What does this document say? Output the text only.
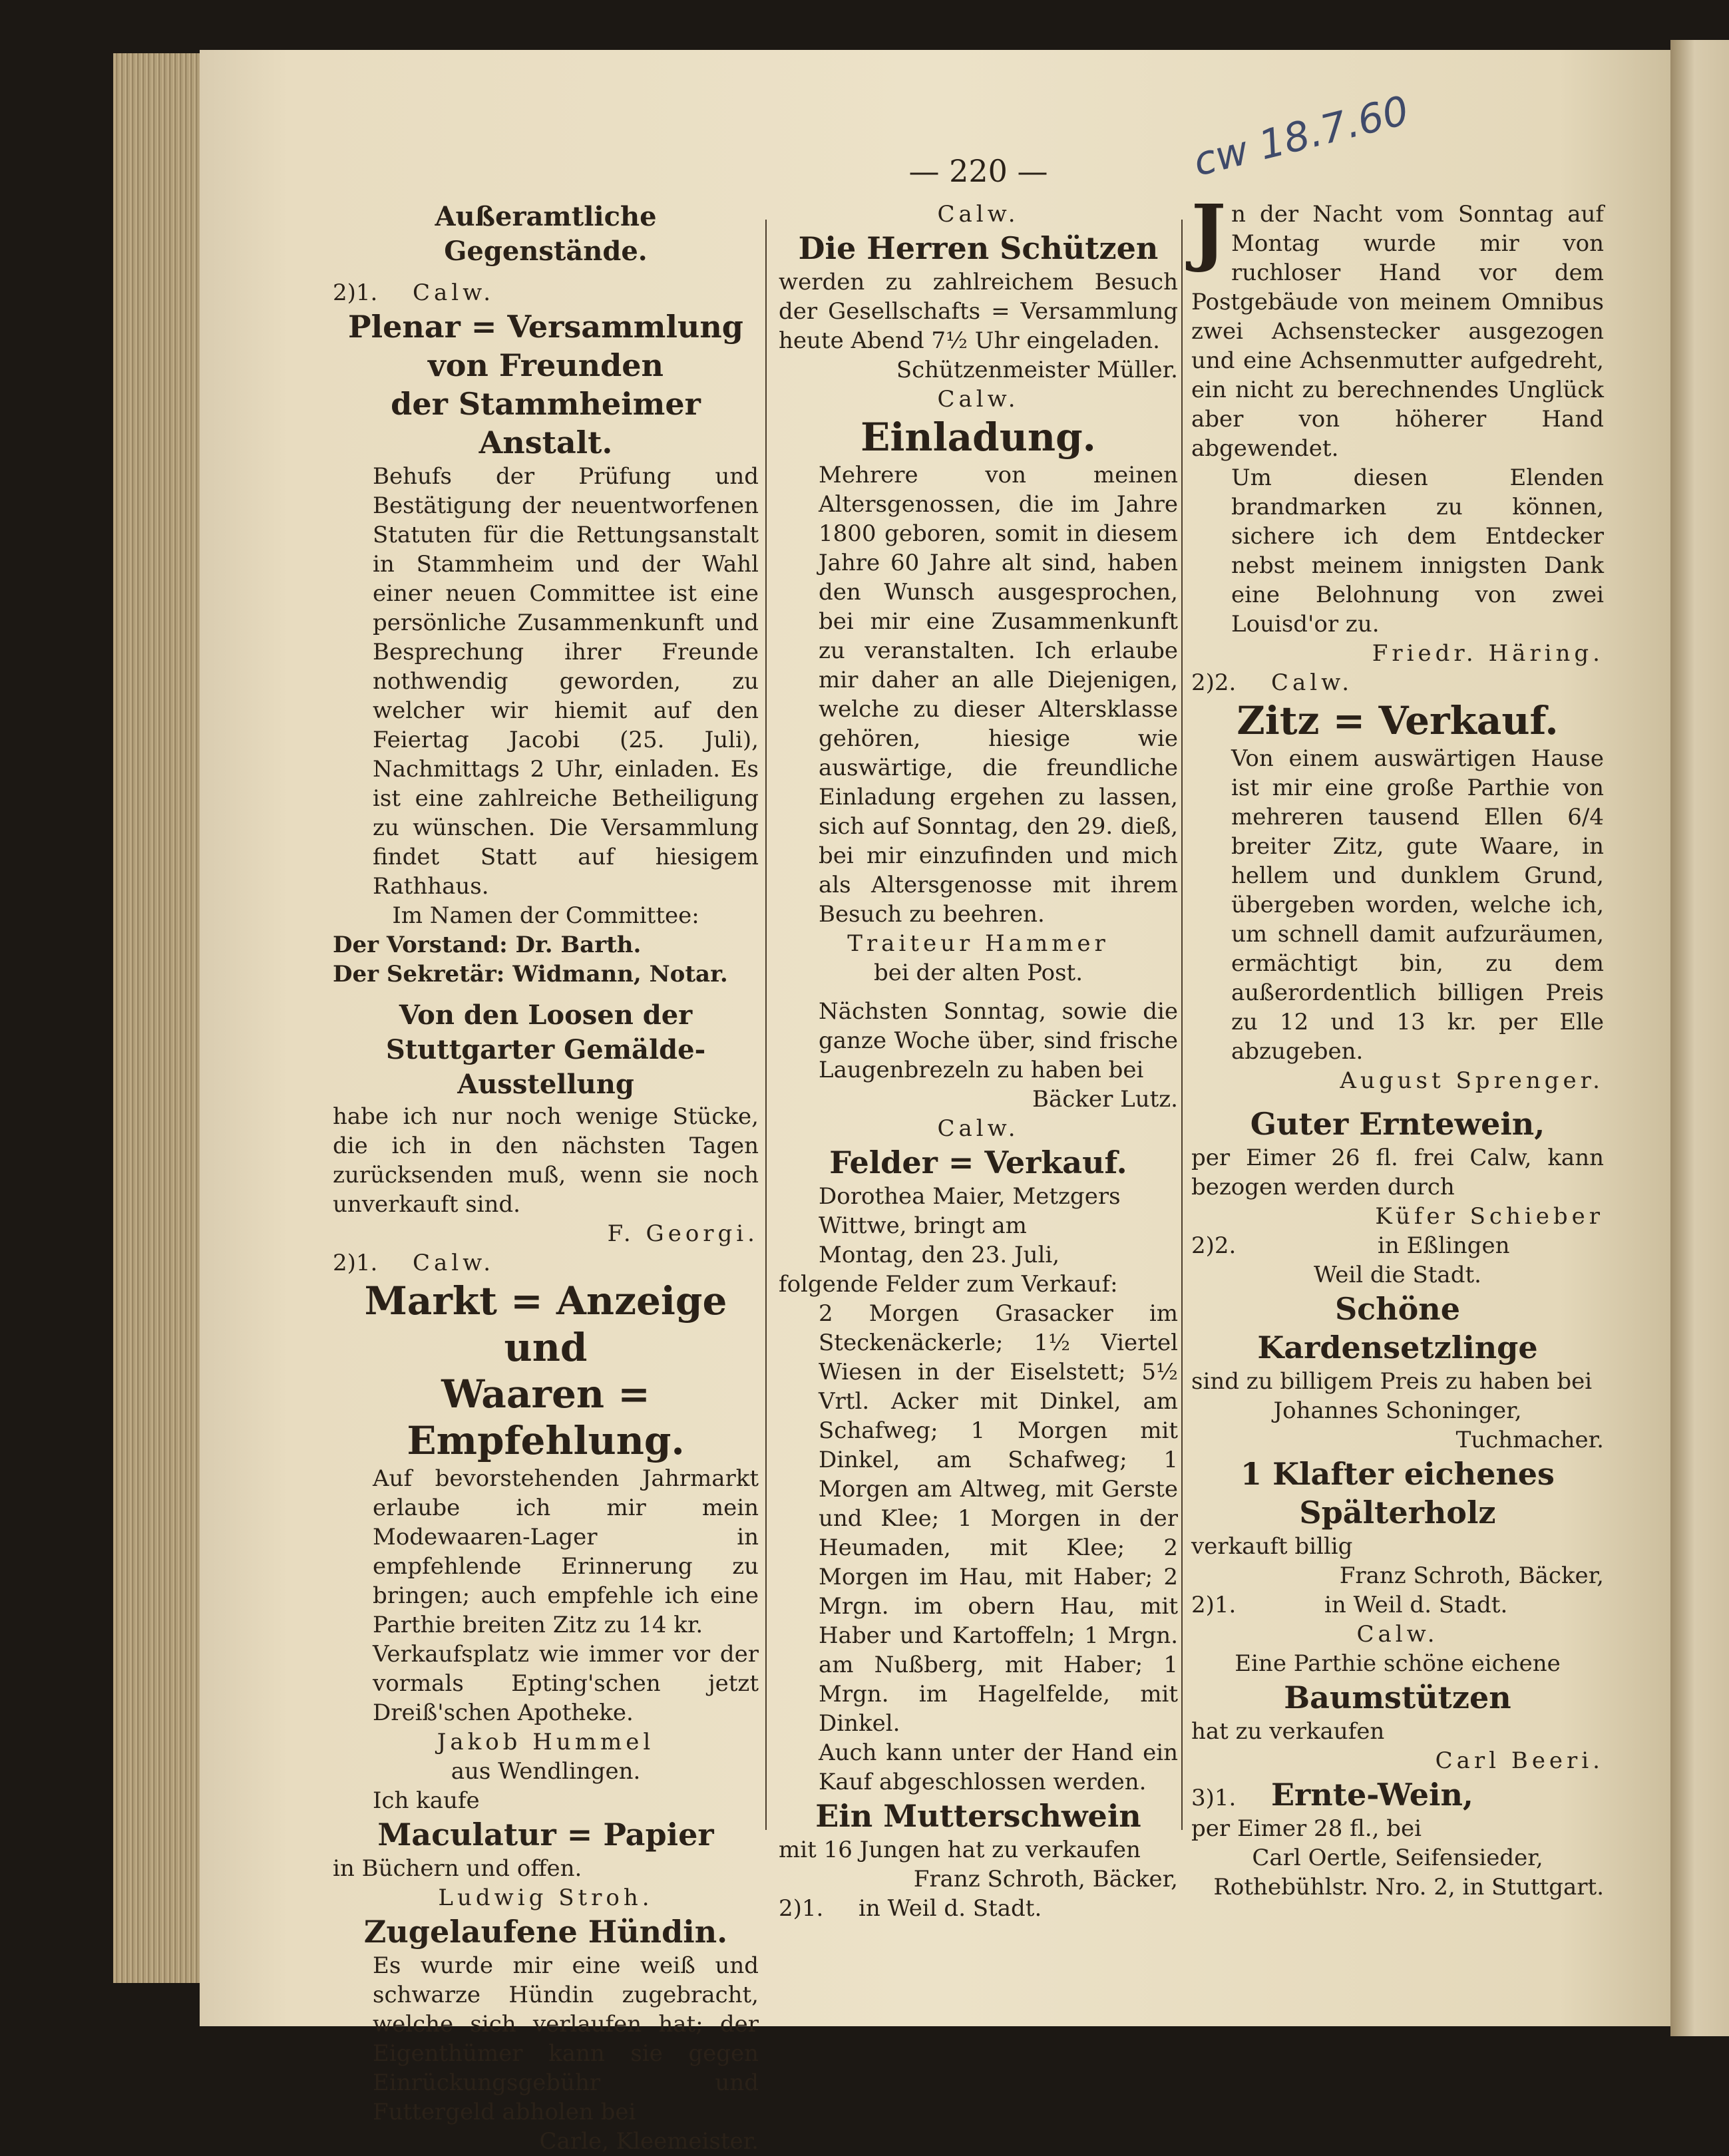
— 220 —	cw 18.7.60
Außeramtliche Gegenstände.
2)1. Calw.
Plenar = Versammlung
von Freunden
der Stammheimer Anstalt.
Behufs der Prüfung und Bestätigung der neuentworfenen Statuten für die Rettungsanstalt in Stammheim und der Wahl einer neuen Committee ist eine persönliche Zusammenkunft und Besprechung ihrer Freunde nothwendig geworden, zu welcher wir hiemit auf den Feiertag Jacobi (25. Juli), Nachmittags 2 Uhr, einladen. Es ist eine zahlreiche Betheiligung zu wünschen. Die Versammlung findet Statt auf hiesigem Rathhaus.
Im Namen der Committee:
Der Vorstand: Dr. Barth.
Der Sekretär: Widmann, Notar.
Von den Loosen der Stuttgarter Gemälde-Ausstellung
habe ich nur noch wenige Stücke, die ich in den nächsten Tagen zurücksenden muß, wenn sie noch unverkauft sind.
F. Georgi.
2)1. Calw.
Markt = Anzeige und
Waaren = Empfehlung.
Auf bevorstehenden Jahrmarkt erlaube ich mir mein Modewaaren-Lager in empfehlende Erinnerung zu bringen; auch empfehle ich eine Parthie breiten Zitz zu 14 kr.
Verkaufsplatz wie immer vor der vormals Epting'schen jetzt Dreiß'schen Apotheke.
Jakob Hummel
aus Wendlingen.
Ich kaufe
Maculatur = Papier
in Büchern und offen.
Ludwig Stroh.
Zugelaufene Hündin.
Es wurde mir eine weiß und schwarze Hündin zugebracht, welche sich verlaufen hat; der Eigenthümer kann sie gegen Einrückungsgebühr und Futtergeld abholen bei
Carle, Kleemeister.
Calw.
Die Herren Schützen
werden zu zahlreichem Besuch der Gesellschafts = Versammlung heute Abend 7½ Uhr eingeladen.
Schützenmeister Müller.
Calw.
Einladung.
Mehrere von meinen Altersgenossen, die im Jahre 1800 geboren, somit in diesem Jahre 60 Jahre alt sind, haben den Wunsch ausgesprochen, bei mir eine Zusammenkunft zu veranstalten. Ich erlaube mir daher an alle Diejenigen, welche zu dieser Altersklasse gehören, hiesige wie auswärtige, die freundliche Einladung ergehen zu lassen, sich auf Sonntag, den 29. dieß, bei mir einzufinden und mich als Altersgenosse mit ihrem Besuch zu beehren.
Traiteur Hammer
bei der alten Post.
Nächsten Sonntag, sowie die ganze Woche über, sind frische Laugenbrezeln zu haben bei
Bäcker Lutz.
Calw.
Felder = Verkauf.
Dorothea Maier, Metzgers Wittwe, bringt am
Montag, den 23. Juli,
folgende Felder zum Verkauf:
2 Morgen Grasacker im Steckenäckerle; 1½ Viertel Wiesen in der Eiselstett; 5½ Vrtl. Acker mit Dinkel, am Schafweg; 1 Morgen mit Dinkel, am Schafweg; 1 Morgen am Altweg, mit Gerste und Klee; 1 Morgen in der Heumaden, mit Klee; 2 Morgen im Hau, mit Haber; 2 Mrgn. im obern Hau, mit Haber und Kartoffeln; 1 Mrgn. am Nußberg, mit Haber; 1 Mrgn. im Hagelfelde, mit Dinkel.
Auch kann unter der Hand ein Kauf abgeschlossen werden.
Ein Mutterschwein
mit 16 Jungen hat zu verkaufen
Franz Schroth, Bäcker,
2)1. in Weil d. Stadt.
Jn der Nacht vom Sonntag auf Montag wurde mir von ruchloser Hand vor dem Postgebäude von meinem Omnibus zwei Achsenstecker ausgezogen und eine Achsenmutter aufgedreht, ein nicht zu berechnendes Unglück aber von höherer Hand abgewendet.
Um diesen Elenden brandmarken zu können, sichere ich dem Entdecker nebst meinem innigsten Dank eine Belohnung von zwei Louisd'or zu.
Friedr. Häring.
2)2. Calw.
Zitz = Verkauf.
Von einem auswärtigen Hause ist mir eine große Parthie von mehreren tausend Ellen 6/4 breiter Zitz, gute Waare, in hellem und dunklem Grund, übergeben worden, welche ich, um schnell damit aufzuräumen, ermächtigt bin, zu dem außerordentlich billigen Preis zu 12 und 13 kr. per Elle abzugeben.
August Sprenger.
Guter Erntewein,
per Eimer 26 fl. frei Calw, kann bezogen werden durch
Küfer Schieber
2)2.	in Eßlingen
Weil die Stadt.
Schöne Kardensetzlinge
sind zu billigem Preis zu haben bei
Johannes Schoninger,
Tuchmacher.
1 Klafter eichenes Spälterholz
verkauft billig
Franz Schroth, Bäcker,
2)1.	in Weil d. Stadt.
Calw.
Eine Parthie schöne eichene
Baumstützen
hat zu verkaufen
Carl Beeri.
3)1. Ernte-Wein,
per Eimer 28 fl., bei
Carl Oertle, Seifensieder,
Rothebühlstr. Nro. 2, in Stuttgart.
